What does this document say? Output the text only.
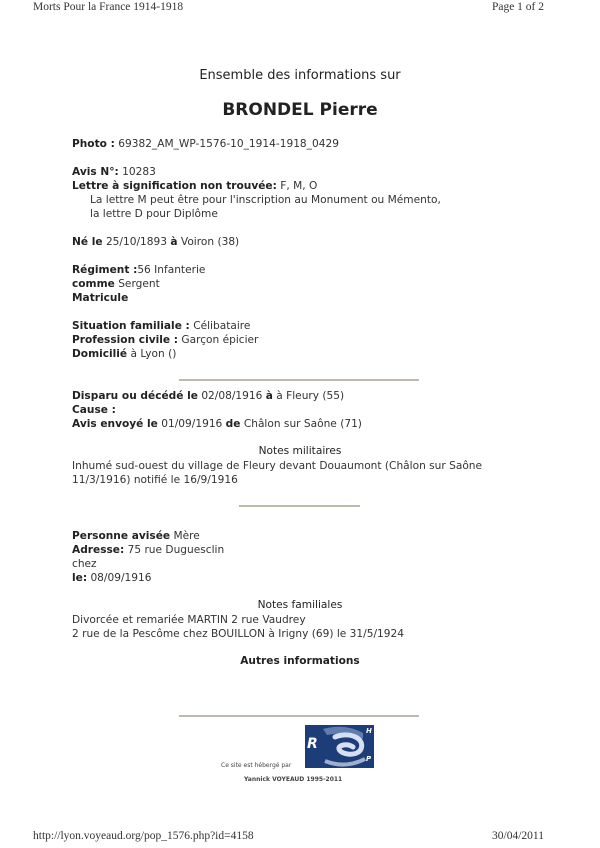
Morts Pour la France 1914-1918	Page 1 of 2
Ensemble des informations sur
BRONDEL Pierre
Photo : 69382_AM_WP-1576-10_1914-1918_0429
Avis N°: 10283
Lettre à signification non trouvée: F, M, O
La lettre M peut être pour l'inscription au Monument ou Mémento,
la lettre D pour Diplôme
Né le 25/10/1893 à Voiron (38)
Régiment :56 Infanterie
comme Sergent
Matricule
Situation familiale : Célibataire
Profession civile : Garçon épicier
Domicilié à Lyon ()
Disparu ou décédé le 02/08/1916 à à Fleury (55)
Cause :
Avis envoyé le 01/09/1916 de Châlon sur Saône (71)
Notes militaires
Inhumé sud-ouest du village de Fleury devant Douaumont (Châlon sur Saône
11/3/1916) notifié le 16/9/1916
Personne avisée Mère
Adresse: 75 rue Duguesclin
chez
le: 08/09/1916
Notes familiales
Divorcée et remariée MARTIN 2 rue Vaudrey
2 rue de la Pescôme chez BOUILLON à Irigny (69) le 31/5/1924
Autres informations
Ce site est hébergé par
Yannick VOYEAUD 1995-2011
R
H
P
http://lyon.voyeaud.org/pop_1576.php?id=4158	30/04/2011
